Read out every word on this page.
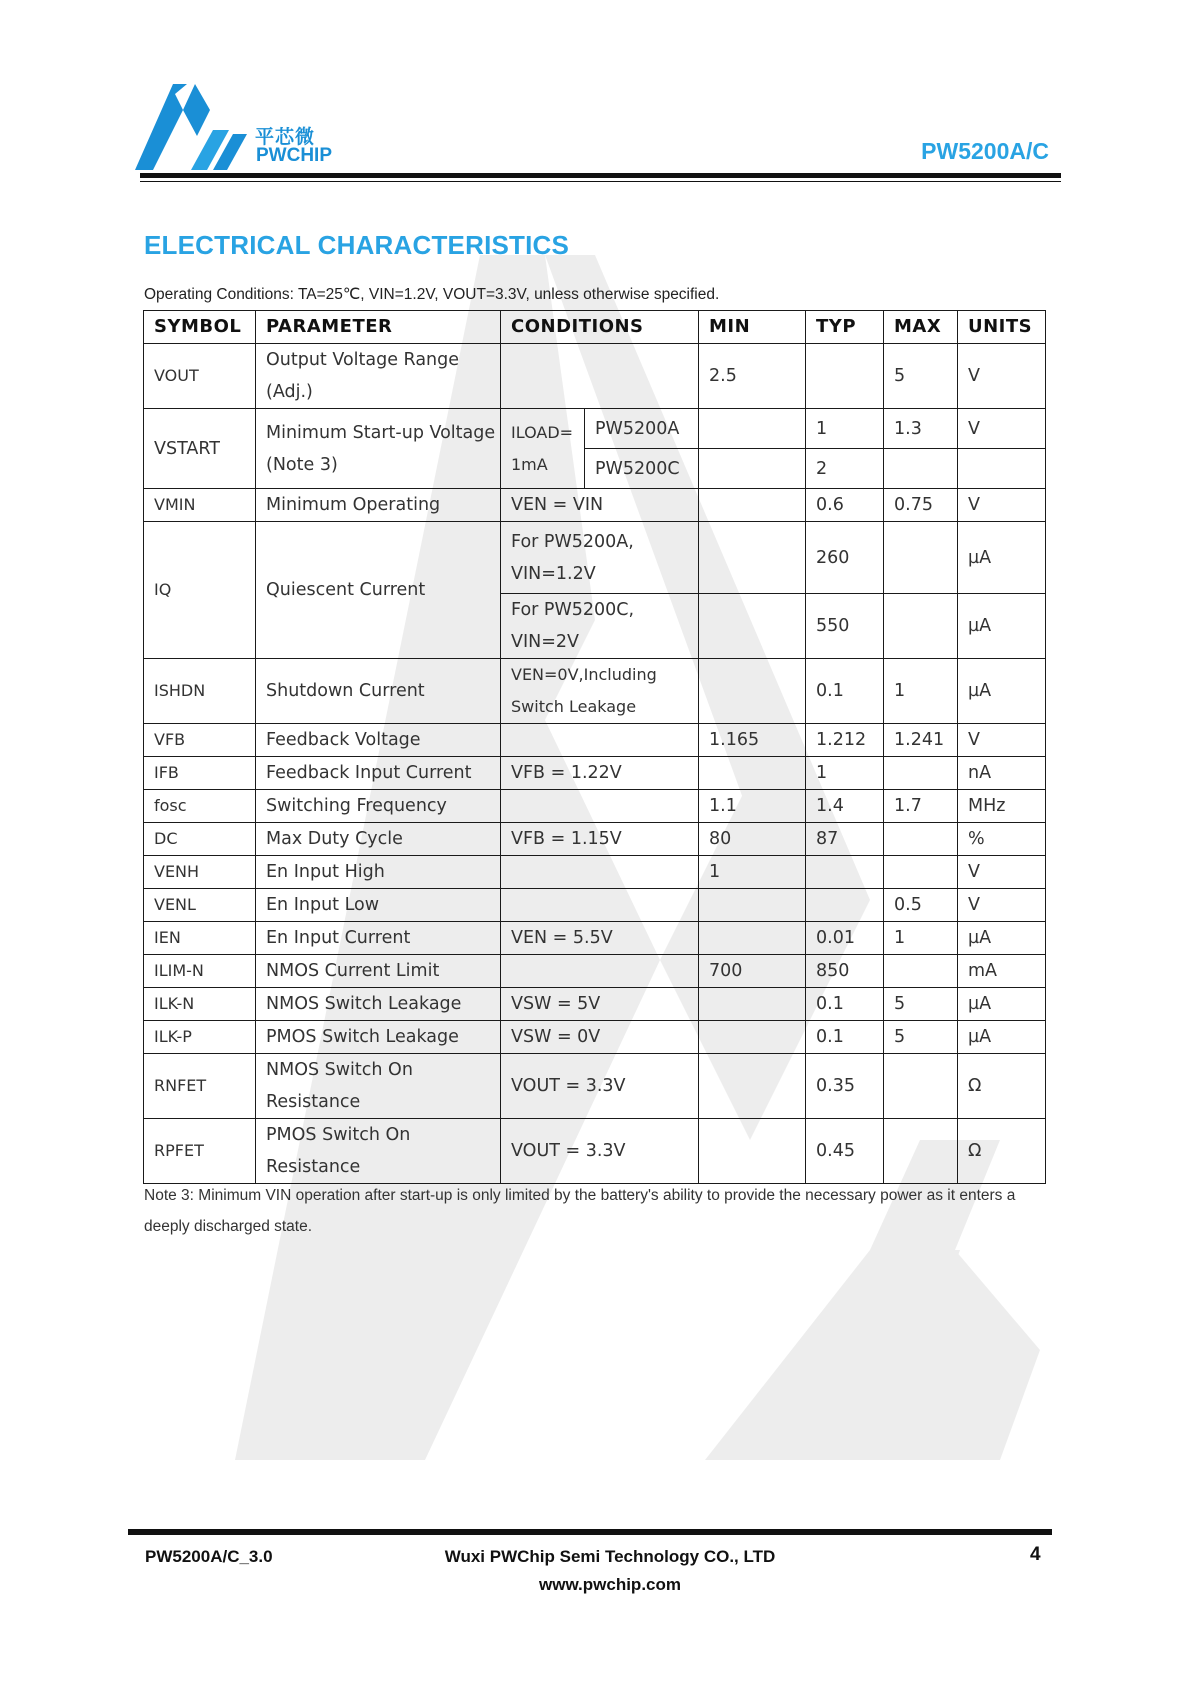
平芯微
PWCHIP	PW5200A/C
ELECTRICAL CHARACTERISTICS
Operating Conditions: TA=25℃, VIN=1.2V, VOUT=3.3V, unless otherwise specified.
SYMBOL	PARAMETER	CONDITIONS		MIN	TYP	MAX	UNITS
VOUT	Output Voltage Range (Adj.)			2.5		5	V
VSTART	Minimum Start-up Voltage (Note 3)	ILOAD= 1mA	PW5200A		1	1.3	V
			PW5200C		2		
VMIN	Minimum Operating	VEN = VIN			0.6	0.75	V
IQ	Quiescent Current	For PW5200A, VIN=1.2V			260		µA
		For PW5200C, VIN=2V			550		µA
ISHDN	Shutdown Current	VEN=0V,Including Switch Leakage			0.1	1	µA
VFB	Feedback Voltage			1.165	1.212	1.241	V
IFB	Feedback Input Current	VFB = 1.22V			1		nA
fosc	Switching Frequency			1.1	1.4	1.7	MHz
DC	Max Duty Cycle	VFB = 1.15V		80	87		%
VENH	En Input High			1			V
VENL	En Input Low					0.5	V
IEN	En Input Current	VEN = 5.5V			0.01	1	µA
ILIM-N	NMOS Current Limit			700	850		mA
ILK-N	NMOS Switch Leakage	VSW = 5V			0.1	5	µA
ILK-P	PMOS Switch Leakage	VSW = 0V			0.1	5	µA
RNFET	NMOS Switch On Resistance	VOUT = 3.3V			0.35		Ω
RPFET	PMOS Switch On Resistance	VOUT = 3.3V			0.45		Ω
Note 3: Minimum VIN operation after start-up is only limited by the battery's ability to provide the necessary power as it enters a deeply discharged state.
PW5200A/C_3.0	Wuxi PWChip Semi Technology CO., LTD
www.pwchip.com
4
